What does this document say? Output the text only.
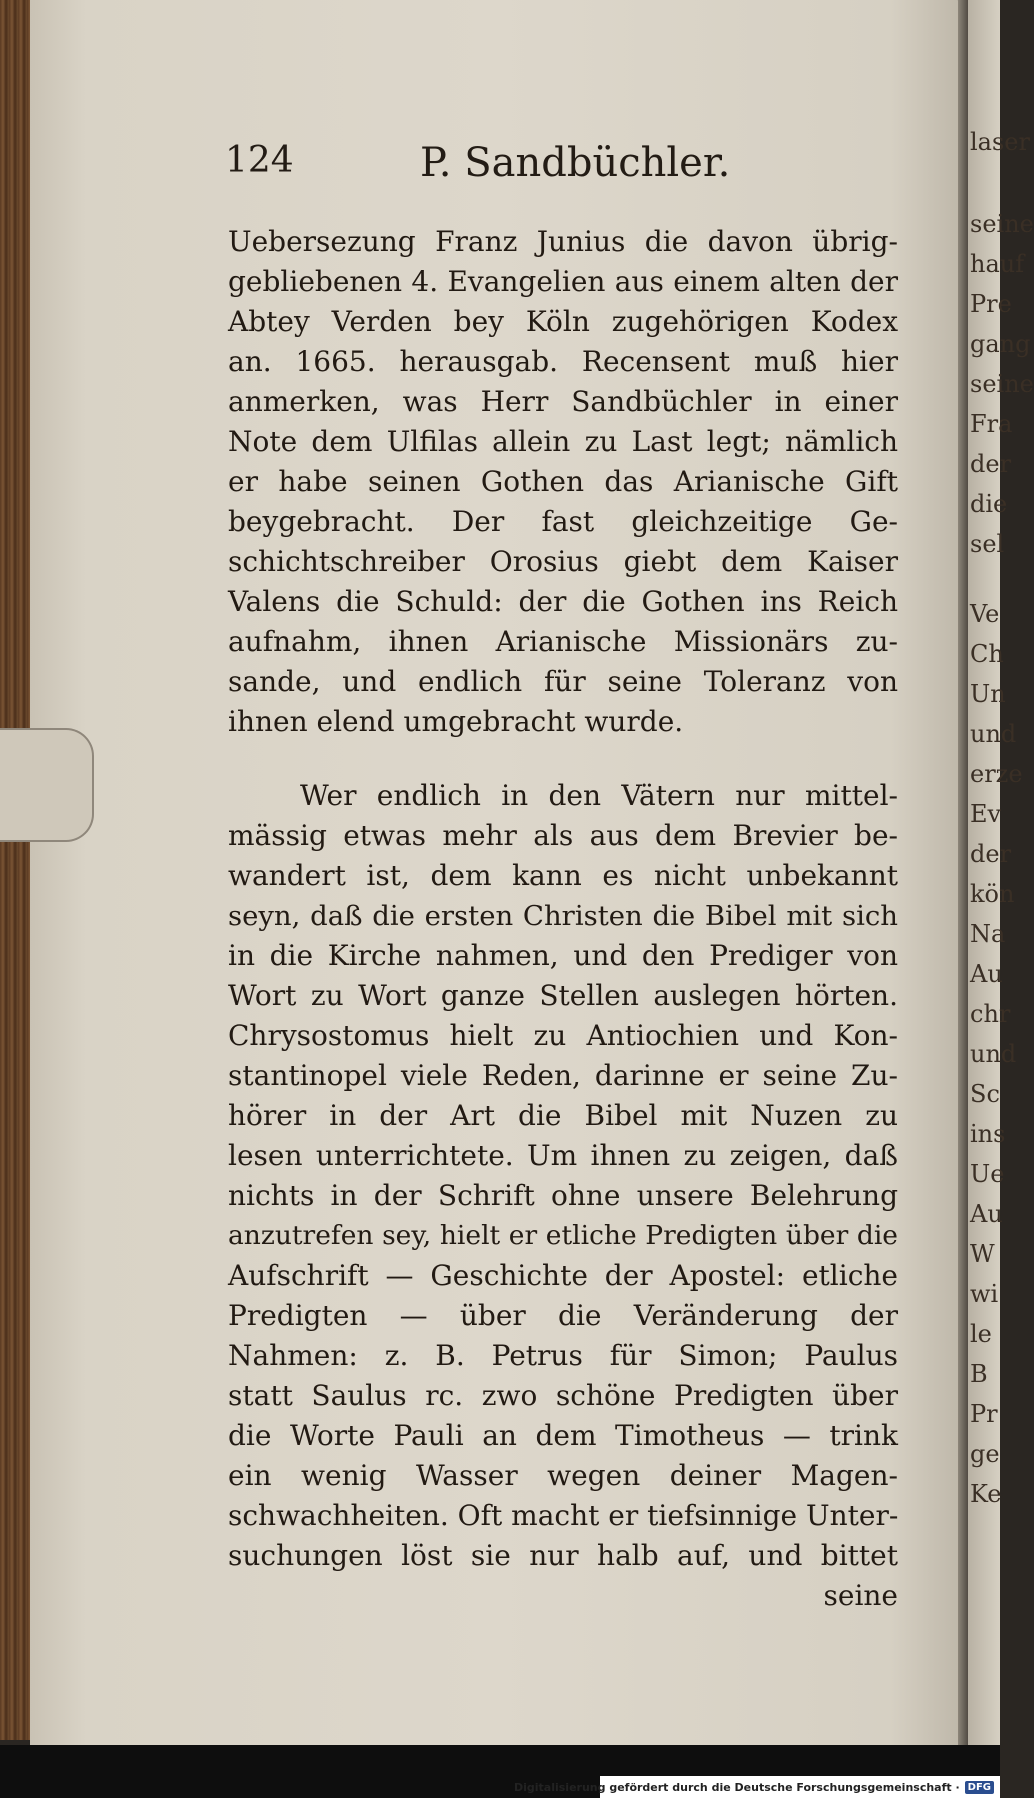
laser
seine
hauf
Pre
gang
seine
Fra
der
die
sel
Ve
Ch
Un
und
erze
Ev
der
kön
Na
Au
chr
und
Sc
ins
Ue
Au
W
wi
le
B
Pr
ge
Ke
124	P. Sandbüchler.
Uebersezung Franz Junius die davon übrig-
gebliebenen 4. Evangelien aus einem alten der
Abtey Verden bey Köln zugehörigen Kodex
an. 1665. herausgab. Recensent muß hier
anmerken, was Herr Sandbüchler in einer
Note dem Ulfilas allein zu Last legt; nämlich
er habe seinen Gothen das Arianische Gift
beygebracht. Der fast gleichzeitige Ge-
schichtschreiber Orosius giebt dem Kaiser
Valens die Schuld: der die Gothen ins Reich
aufnahm, ihnen Arianische Missionärs zu-
sande, und endlich für seine Toleranz von
ihnen elend umgebracht wurde.
Wer endlich in den Vätern nur mittel-
mässig etwas mehr als aus dem Brevier be-
wandert ist, dem kann es nicht unbekannt
seyn, daß die ersten Christen die Bibel mit sich
in die Kirche nahmen, und den Prediger von
Wort zu Wort ganze Stellen auslegen hörten.
Chrysostomus hielt zu Antiochien und Kon-
stantinopel viele Reden, darinne er seine Zu-
hörer in der Art die Bibel mit Nuzen zu
lesen unterrichtete. Um ihnen zu zeigen, daß
nichts in der Schrift ohne unsere Belehrung
anzutrefen sey, hielt er etliche Predigten über die
Aufschrift — Geschichte der Apostel: etliche
Predigten — über die Veränderung der
Nahmen: z. B. Petrus für Simon; Paulus
statt Saulus rc. zwo schöne Predigten über
die Worte Pauli an dem Timotheus — trink
ein wenig Wasser wegen deiner Magen-
schwachheiten. Oft macht er tiefsinnige Unter-
suchungen löst sie nur halb auf, und bittet
seine
Digitalisierung gefördert durch die Deutsche Forschungsgemeinschaft · DFG
